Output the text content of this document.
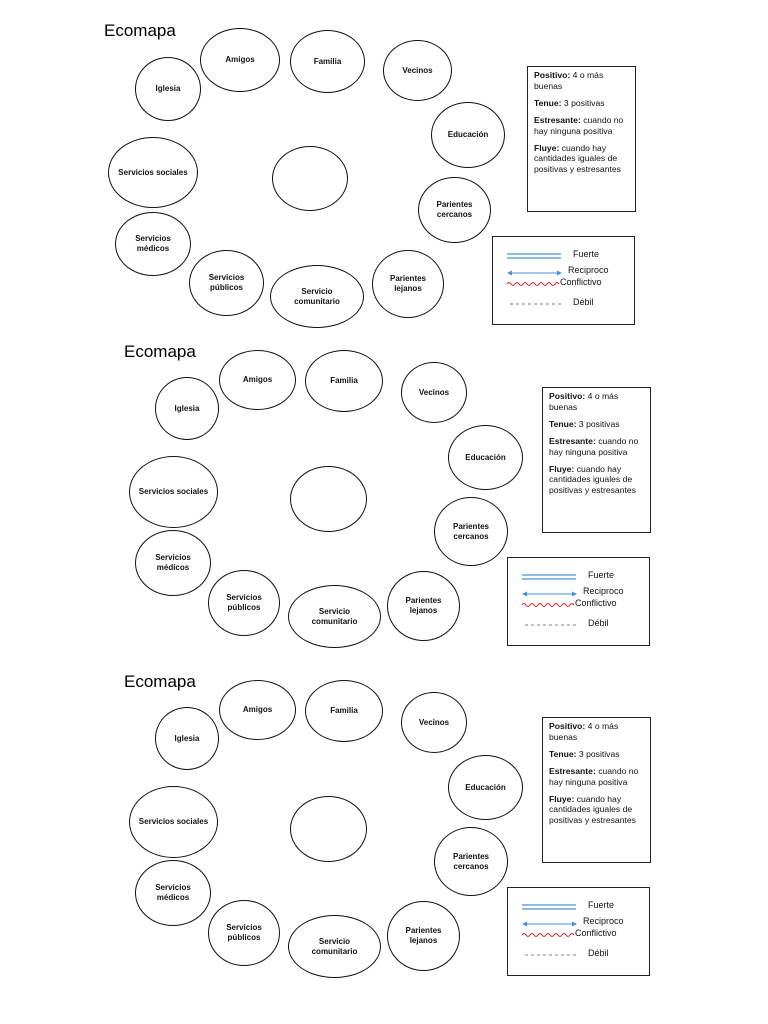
Ecomapa
Amigos	Familia
Vecinos
Iglesia
Educación
Servicios sociales
Parientes cercanos
Servicios médicos
Servicios públicos	Servicio comunitario
Parientes lejanos

Positivo: 4 o más buenas

Tenue: 3 positivas

Estresante: cuando no hay ninguna positiva

Fluye: cuando hay cantidades iguales de positivas y estresantes

Fuerte
Reciproco
Conflictivo
Débil
Ecomapa
Amigos	Familia
Vecinos
Iglesia
Educación
Servicios sociales
Parientes cercanos
Servicios médicos
Servicios públicos	Servicio comunitario
Parientes lejanos

Positivo: 4 o más buenas

Tenue: 3 positivas

Estresante: cuando no hay ninguna positiva

Fluye: cuando hay cantidades iguales de positivas y estresantes

Fuerte
Reciproco
Conflictivo
Débil
Ecomapa
Amigos	Familia
Vecinos
Iglesia
Educación
Servicios sociales
Parientes cercanos
Servicios médicos
Servicios públicos	Servicio comunitario
Parientes lejanos

Positivo: 4 o más buenas

Tenue: 3 positivas

Estresante: cuando no hay ninguna positiva

Fluye: cuando hay cantidades iguales de positivas y estresantes

Fuerte
Reciproco
Conflictivo
Débil
